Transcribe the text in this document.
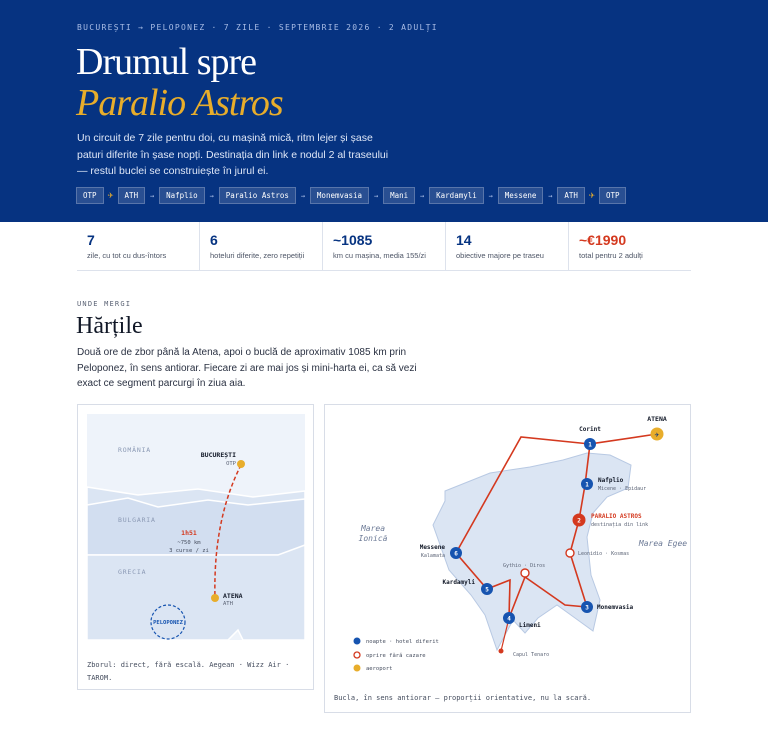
BUCUREȘTI → PELOPONEZ · 7 ZILE · SEPTEMBRIE 2026 · 2 ADULȚI
Drumul spre
Paralio Astros
Un circuit de 7 zile pentru doi, cu mașină mică, ritm lejer și șase paturi diferite în șase nopți. Destinația din link e nodul 2 al traseului — restul buclei se construiește în jurul ei.
OTP	✈	ATH	→	Nafplio	→	Paralio Astros	→	Monemvasia	→	Mani	→	Kardamyli	→	Messene	→	ATH	✈	OTP
7
zile, cu tot cu dus-întors
6
hoteluri diferite, zero repetiții
~1085
km cu mașina, media 155/zi
14
obiective majore pe traseu
~€1990
total pentru 2 adulți
UNDE MERGI
Hărțile
Două ore de zbor până la Atena, apoi o buclă de aproximativ 1085 km prin Peloponez, în sens antiorar. Fiecare zi are mai jos și mini-harta ei, ca să vezi exact ce segment parcurgi în ziua aia.
ROMÂNIA
BULGARIA
GRECIA
PELOPONEZ
BUCUREȘTI
OTP
ATENA
ATH
1h51
~750 km
3 curse / zi
Zborul: direct, fără escală. Aegean · Wizz Air · TAROM.
Marea
Ionică
Marea Egee
✈
ATENA
1
Corint
1
Nafplio
Micene · Epidaur
2
PARALIO ASTROS
destinația din link
Leonidio · Kosmas
3 Monemvasia
Gythio · Diros
4
Limeni
5
Kardamyli
6
Messene
Kalamata
Capul Tenaro
noapte · hotel diferit
oprire fără cazare
aeroport
Bucla, în sens antiorar — proporții orientative, nu la scară.
